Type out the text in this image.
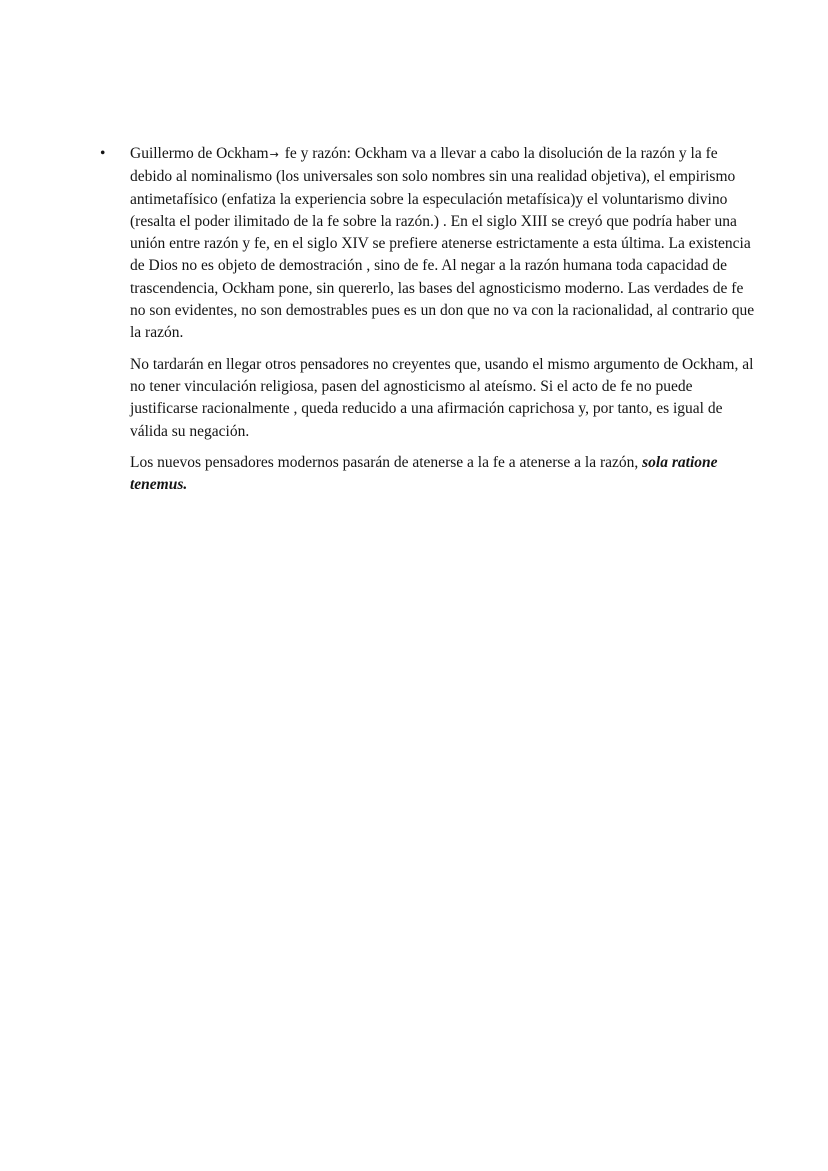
• Guillermo de Ockham→ fe y razón: Ockham va a llevar a cabo la disolución de la razón y la fe debido al nominalismo (los universales son solo nombres sin una realidad objetiva), el empirismo antimetafísico (enfatiza la experiencia sobre la especulación metafísica)y el voluntarismo divino (resalta el poder ilimitado de la fe sobre la razón.) . En el siglo XIII se creyó que podría haber una unión entre razón y fe, en el siglo XIV se prefiere atenerse estrictamente a esta última. La existencia de Dios no es objeto de demostración , sino de fe. Al negar a la razón humana toda capacidad de trascendencia, Ockham pone, sin quererlo, las bases del agnosticismo moderno. Las verdades de fe no son evidentes, no son demostrables pues es un don que no va con la racionalidad, al contrario que la razón.

No tardarán en llegar otros pensadores no creyentes que, usando el mismo argumento de Ockham, al no tener vinculación religiosa, pasen del agnosticismo al ateísmo. Si el acto de fe no puede justificarse racionalmente , queda reducido a una afirmación caprichosa y, por tanto, es igual de válida su negación.

Los nuevos pensadores modernos pasarán de atenerse a la fe a atenerse a la razón, sola ratione tenemus.
